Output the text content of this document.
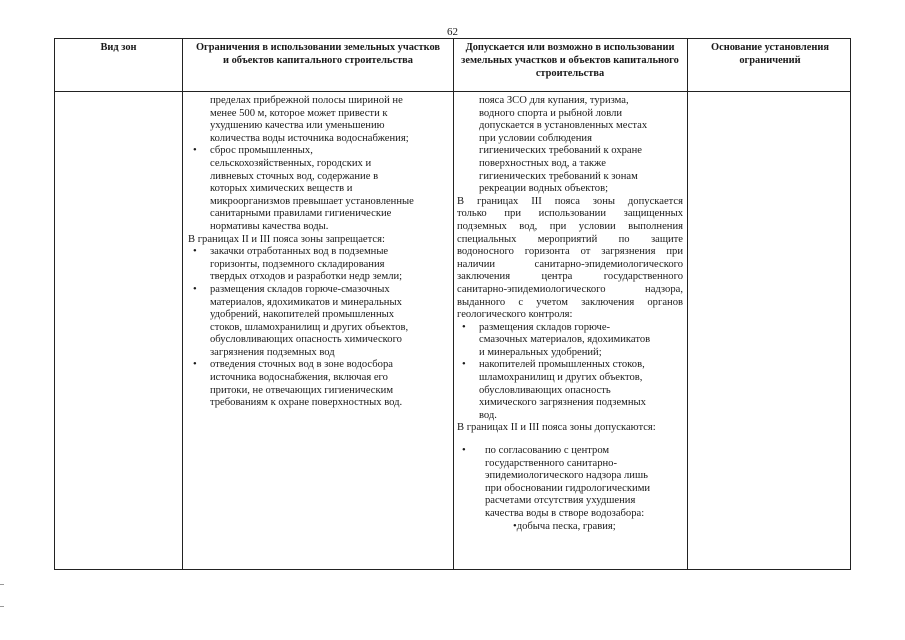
62
Вид зон	Ограничения в использовании земельных участков и объектов капитального строительства
Допускается или возможно в использовании земельных участков и объектов капитального строительства
Основание установления ограничений

пределах прибрежной полосы шириной не

менее 500 м, которое может привести к

ухудшению качества или уменьшению

количества воды источника водоснабжения;

• сброс промышленных,

сельскохозяйственных, городских и

ливневых сточных вод, содержание в

которых химических веществ и

микроорганизмов превышает установленные

санитарными правилами гигиенические

нормативы качества воды.

В границах II и III пояса зоны запрещается:

• закачки отработанных вод в подземные

горизонты, подземного складирования

твердых отходов и разработки недр земли;

• размещения складов горюче-смазочных

материалов, ядохимикатов и минеральных

удобрений, накопителей промышленных

стоков, шламохранилищ и других объектов,

обусловливающих опасность химического

загрязнения подземных вод

• отведения сточных вод в зоне водосбора

источника водоснабжения, включая его

притоки, не отвечающих гигиеническим

требованиям к охране поверхностных вод.

пояса ЗСО для купания, туризма,

водного спорта и рыбной ловли

допускается в установленных местах

при условии соблюдения

гигиенических требований к охране

поверхностных вод, а также

гигиенических требований к зонам

рекреации водных объектов;

В границах III пояса зоны допускается

только при использовании защищенных

подземных вод, при условии выполнения

специальных мероприятий по защите

водоносного горизонта от загрязнения при

наличии санитарно-эпидемиологического

заключения центра государственного

санитарно-эпидемиологического надзора,

выданного с учетом заключения органов

геологического контроля:

• размещения складов горюче-

смазочных материалов, ядохимикатов

и минеральных удобрений;

• накопителей промышленных стоков,

шламохранилищ и других объектов,

обусловливающих опасность

химического загрязнения подземных

вод.

В границах II и III пояса зоны допускаются:

•	по согласованию с центром

государственного санитарно-

эпидемиологического надзора лишь

при обосновании гидрологическими

расчетами отсутствия ухудшения

качества воды в створе водозабора:

•добыча песка, гравия;
